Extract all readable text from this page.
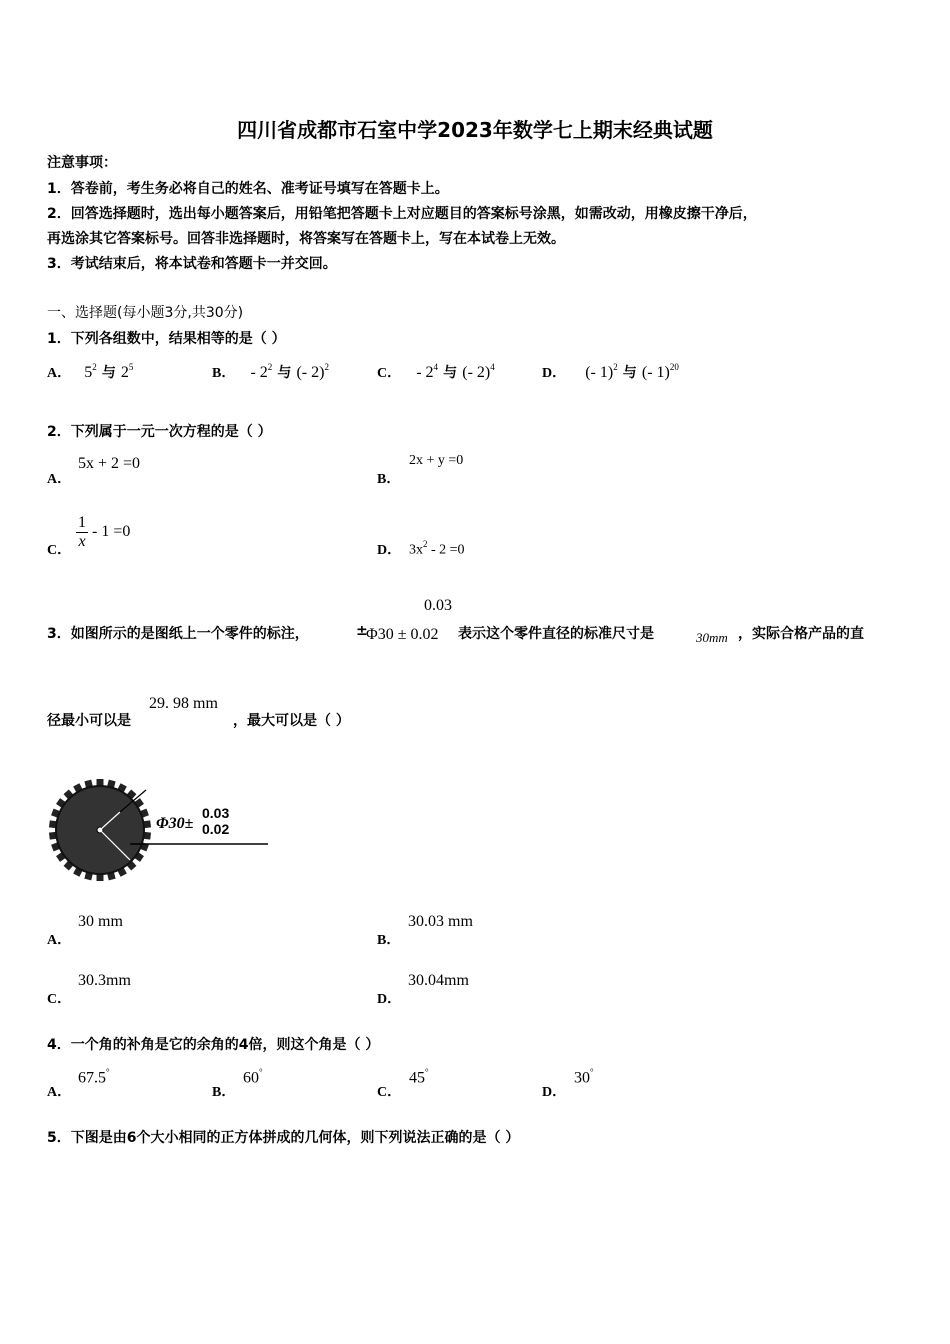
四川省成都市石室中学2023年数学七上期末经典试题
注意事项：
1．答卷前，考生务必将自己的姓名、准考证号填写在答题卡上。
2．回答选择题时，选出每小题答案后，用铅笔把答题卡上对应题目的答案标号涂黑，如需改动，用橡皮擦干净后，
再选涂其它答案标号。回答非选择题时，将答案写在答题卡上，写在本试卷上无效。
3．考试结束后，将本试卷和答题卡一并交回。
一、选择题(每小题3分,共30分)
1．下列各组数中，结果相等的是（ ）
A． $5^2$ 与 $2^5$	B． - $2^2$ 与 (- 2)$^2$	C． - $2^4$ 与 (- 2)$^4$	D． (- 1)$^2$ 与 (- 1)$^{20}$
2．下列属于一元一次方程的是（ ）
A．
5x + 2 =0
B．
2x + y =0
C． $\frac{1}{x} - 1 =0$
D． $3x^2 - 2 =0$
3．如图所示的是图纸上一个零件的标注，	±
0.03
Φ30 ± 0.02 表示这个零件直径的标准尺寸是	30mm ，实际合格产品的直
径最小可以是
29. 98 mm
，最大可以是（ ）
Φ30±
0.03
0.02
A．
30 mm
B．
30.03 mm
C．
30.3mm
D．
30.04mm
4．一个角的补角是它的余角的4倍，则这个角是（ ）
A．
67.5°
B．
60°
C．
45°
D．
30°
5．下图是由6个大小相同的正方体拼成的几何体，则下列说法正确的是（ ）
